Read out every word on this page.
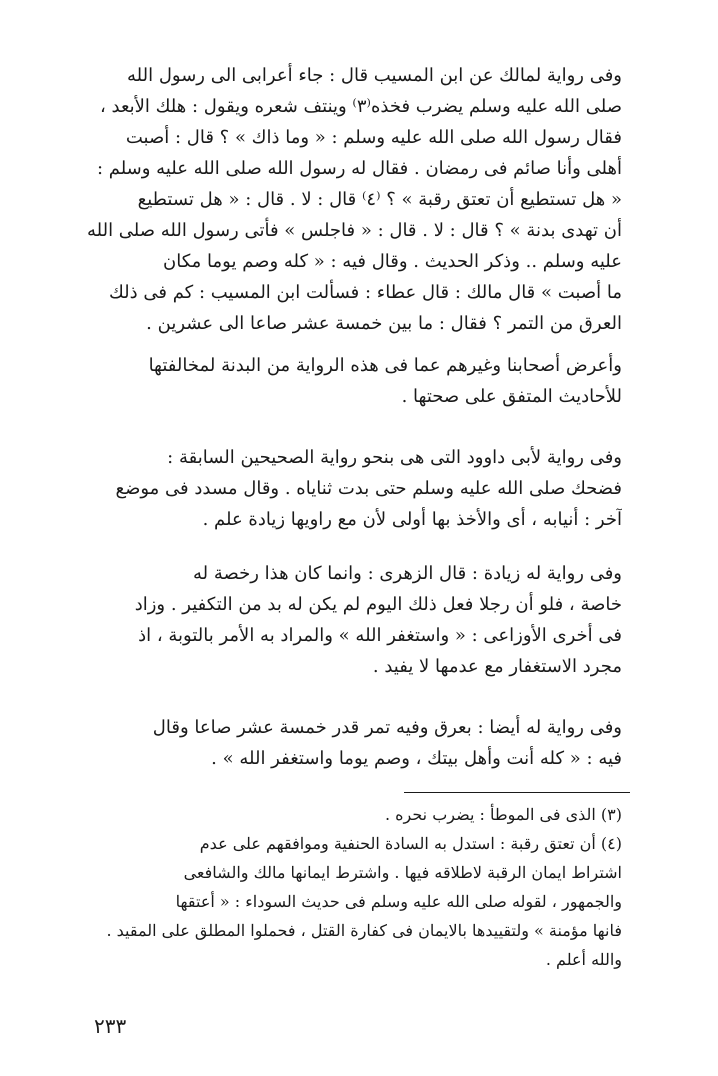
وفى رواية لمالك عن ابن المسيب قال : جاء أعرابى الى رسول الله
صلى الله عليه وسلم يضرب فخذه⁽٣⁾ وينتف شعره ويقول : هلك الأبعد ،
فقال رسول الله صلى الله عليه وسلم : « وما ذاك » ؟ قال : أصبت
أهلى وأنا صائم فى رمضان . فقال له رسول الله صلى الله عليه وسلم :
« هل تستطيع أن تعتق رقبة » ؟ ⁽٤⁾ قال : لا . قال : « هل تستطيع
أن تهدى بدنة » ؟ قال : لا . قال : « فاجلس » فأتى رسول الله صلى الله
عليه وسلم .. وذكر الحديث . وقال فيه : « كله وصم يوما مكان
ما أصبت » قال مالك : قال عطاء : فسألت ابن المسيب : كم فى ذلك
العرق من التمر ؟ فقال : ما بين خمسة عشر صاعا الى عشرين .
وأعرض أصحابنا وغيرهم عما فى هذه الرواية من البدنة لمخالفتها
للأحاديث المتفق على صحتها .
وفى رواية لأبى داوود التى هى بنحو رواية الصحيحين السابقة :
فضحك صلى الله عليه وسلم حتى بدت ثناياه . وقال مسدد فى موضع
آخر : أنيابه ، أى والأخذ بها أولى لأن مع راويها زيادة علم .
وفى رواية له زيادة : قال الزهرى : وانما كان هذا رخصة له
خاصة ، فلو أن رجلا فعل ذلك اليوم لم يكن له بد من التكفير . وزاد
فى أخرى الأوزاعى : « واستغفر الله » والمراد به الأمر بالتوبة ، اذ
مجرد الاستغفار مع عدمها لا يفيد .
وفى رواية له أيضا : بعرق وفيه تمر قدر خمسة عشر صاعا وقال
فيه : « كله أنت وأهل بيتك ، وصم يوما واستغفر الله » .
(٣) الذى فى الموطأ : يضرب نحره .
(٤) أن تعتق رقبة : استدل به السادة الحنفية وموافقهم على عدم
اشتراط ايمان الرقبة لاطلاقه فيها . واشترط ايمانها مالك والشافعى
والجمهور ، لقوله صلى الله عليه وسلم فى حديث السوداء : « أعتقها
فانها مؤمنة » ولتقييدها بالايمان فى كفارة القتل ، فحملوا المطلق على المقيد .
والله أعلم .
٢٣٣
